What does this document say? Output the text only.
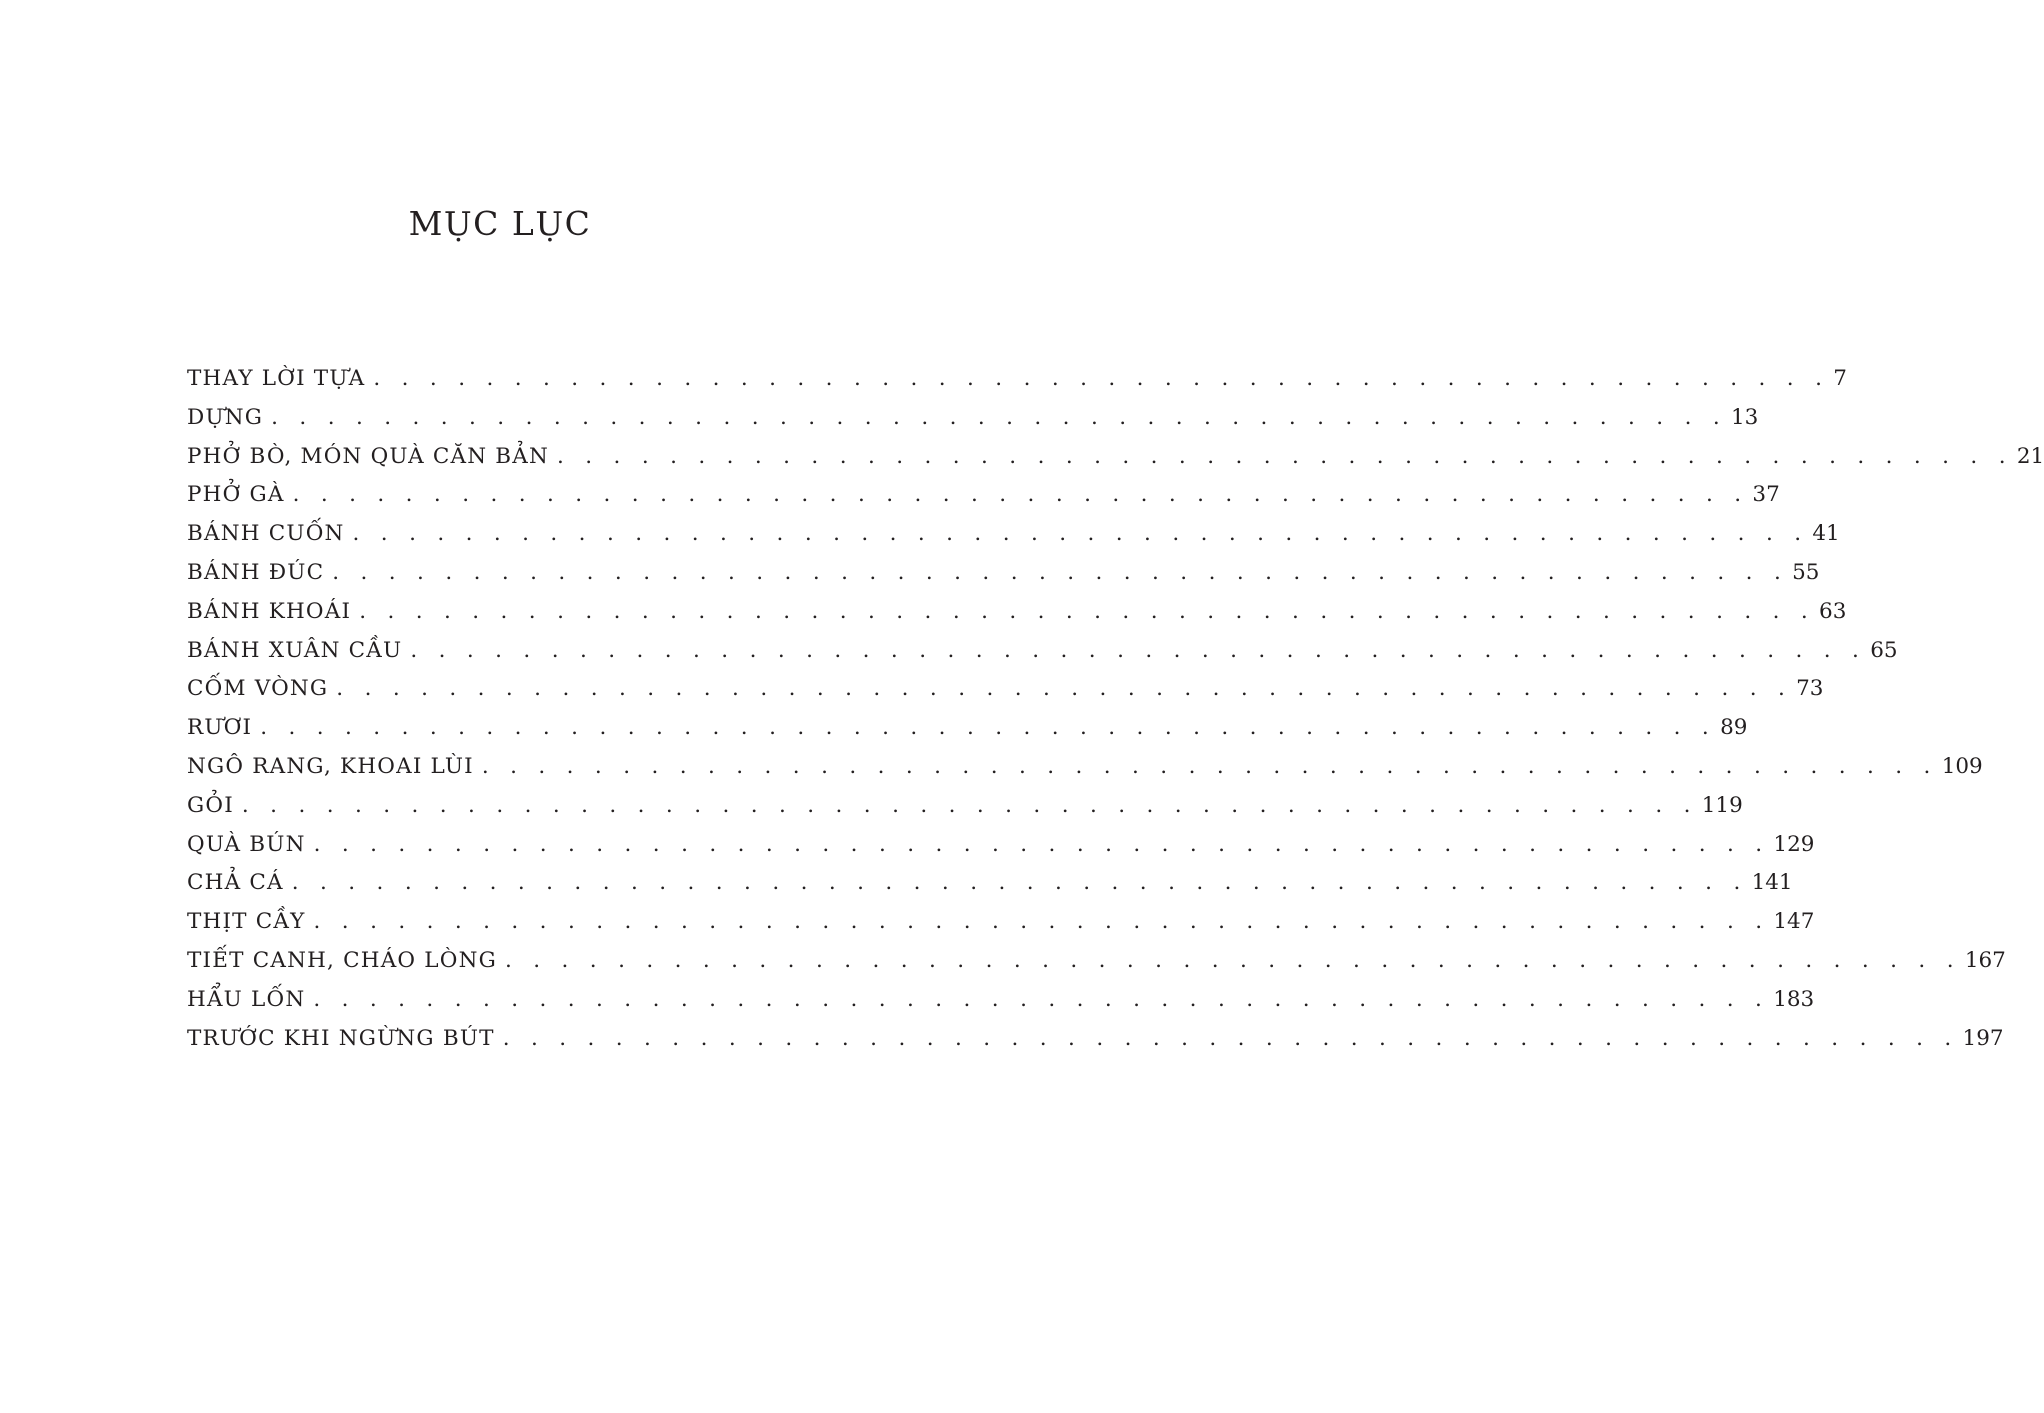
MỤC LỤC
THAY LỜI TỰA . . . . . . . . . . . . . . . . . . . . . . . . . . . . . . . . . . . . . . . . . . . . . . . . . . . . 7
DỰNG . . . . . . . . . . . . . . . . . . . . . . . . . . . . . . . . . . . . . . . . . . . . . . . . . . . . 13
PHỞ BÒ, MÓN QUÀ CĂN BẢN . . . . . . . . . . . . . . . . . . . . . . . . . . . . . . . . . . . . . . . . . . . . . . . . . . . . 21
PHỞ GÀ . . . . . . . . . . . . . . . . . . . . . . . . . . . . . . . . . . . . . . . . . . . . . . . . . . . . 37
BÁNH CUỐN . . . . . . . . . . . . . . . . . . . . . . . . . . . . . . . . . . . . . . . . . . . . . . . . . . . . 41
BÁNH ĐÚC . . . . . . . . . . . . . . . . . . . . . . . . . . . . . . . . . . . . . . . . . . . . . . . . . . . . 55
BÁNH KHOÁI . . . . . . . . . . . . . . . . . . . . . . . . . . . . . . . . . . . . . . . . . . . . . . . . . . . . 63
BÁNH XUÂN CẦU . . . . . . . . . . . . . . . . . . . . . . . . . . . . . . . . . . . . . . . . . . . . . . . . . . . . 65
CỐM VÒNG . . . . . . . . . . . . . . . . . . . . . . . . . . . . . . . . . . . . . . . . . . . . . . . . . . . . 73
RƯƠI . . . . . . . . . . . . . . . . . . . . . . . . . . . . . . . . . . . . . . . . . . . . . . . . . . . . 89
NGÔ RANG, KHOAI LÙI . . . . . . . . . . . . . . . . . . . . . . . . . . . . . . . . . . . . . . . . . . . . . . . . . . . . 109
GỎI . . . . . . . . . . . . . . . . . . . . . . . . . . . . . . . . . . . . . . . . . . . . . . . . . . . . 119
QUÀ BÚN . . . . . . . . . . . . . . . . . . . . . . . . . . . . . . . . . . . . . . . . . . . . . . . . . . . . 129
CHẢ CÁ . . . . . . . . . . . . . . . . . . . . . . . . . . . . . . . . . . . . . . . . . . . . . . . . . . . . 141
THỊT CẦY . . . . . . . . . . . . . . . . . . . . . . . . . . . . . . . . . . . . . . . . . . . . . . . . . . . . 147
TIẾT CANH, CHÁO LÒNG . . . . . . . . . . . . . . . . . . . . . . . . . . . . . . . . . . . . . . . . . . . . . . . . . . . . 167
HẨU LỐN . . . . . . . . . . . . . . . . . . . . . . . . . . . . . . . . . . . . . . . . . . . . . . . . . . . . 183
TRƯỚC KHI NGỪNG BÚT . . . . . . . . . . . . . . . . . . . . . . . . . . . . . . . . . . . . . . . . . . . . . . . . . . . . 197
